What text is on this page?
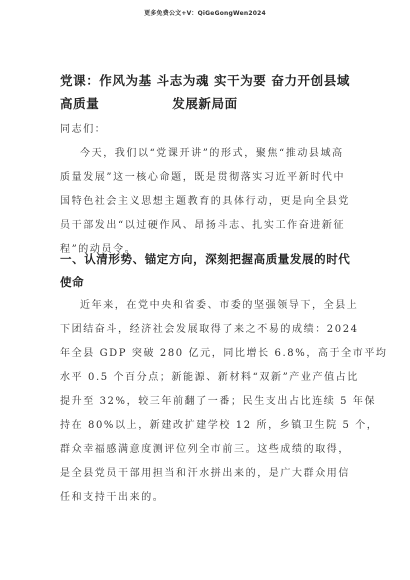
更多免费公文+V：QiGeGongWen2024
党课：作风为基 斗志为魂 实干为要 奋力开创县域高质量	发展新局面
同志们：
今天，我们以“党课开讲”的形式，聚焦“推动县域高
质量发展”这一核心命题，既是贯彻落实习近平新时代中
国特色社会主义思想主题教育的具体行动，更是向全县党
员干部发出“以过硬作风、昂扬斗志、扎实工作奋进新征
程”的动员令。
一、认清形势、锚定方向，深刻把握高质量发展的时代
使命
近年来，在党中央和省委、市委的坚强领导下，全县上
下团结奋斗，经济社会发展取得了来之不易的成绩：2024
年全县 GDP 突破 280 亿元，同比增长 6.8%，高于全市平均
水平 0.5 个百分点；新能源、新材料“双新”产业产值占比
提升至 32%，较三年前翻了一番；民生支出占比连续 5 年保
持在 80%以上，新建改扩建学校 12 所，乡镇卫生院 5 个，
群众幸福感满意度测评位列全市前三。这些成绩的取得，
是全县党员干部用担当和汗水拼出来的，是广大群众用信
任和支持干出来的。
